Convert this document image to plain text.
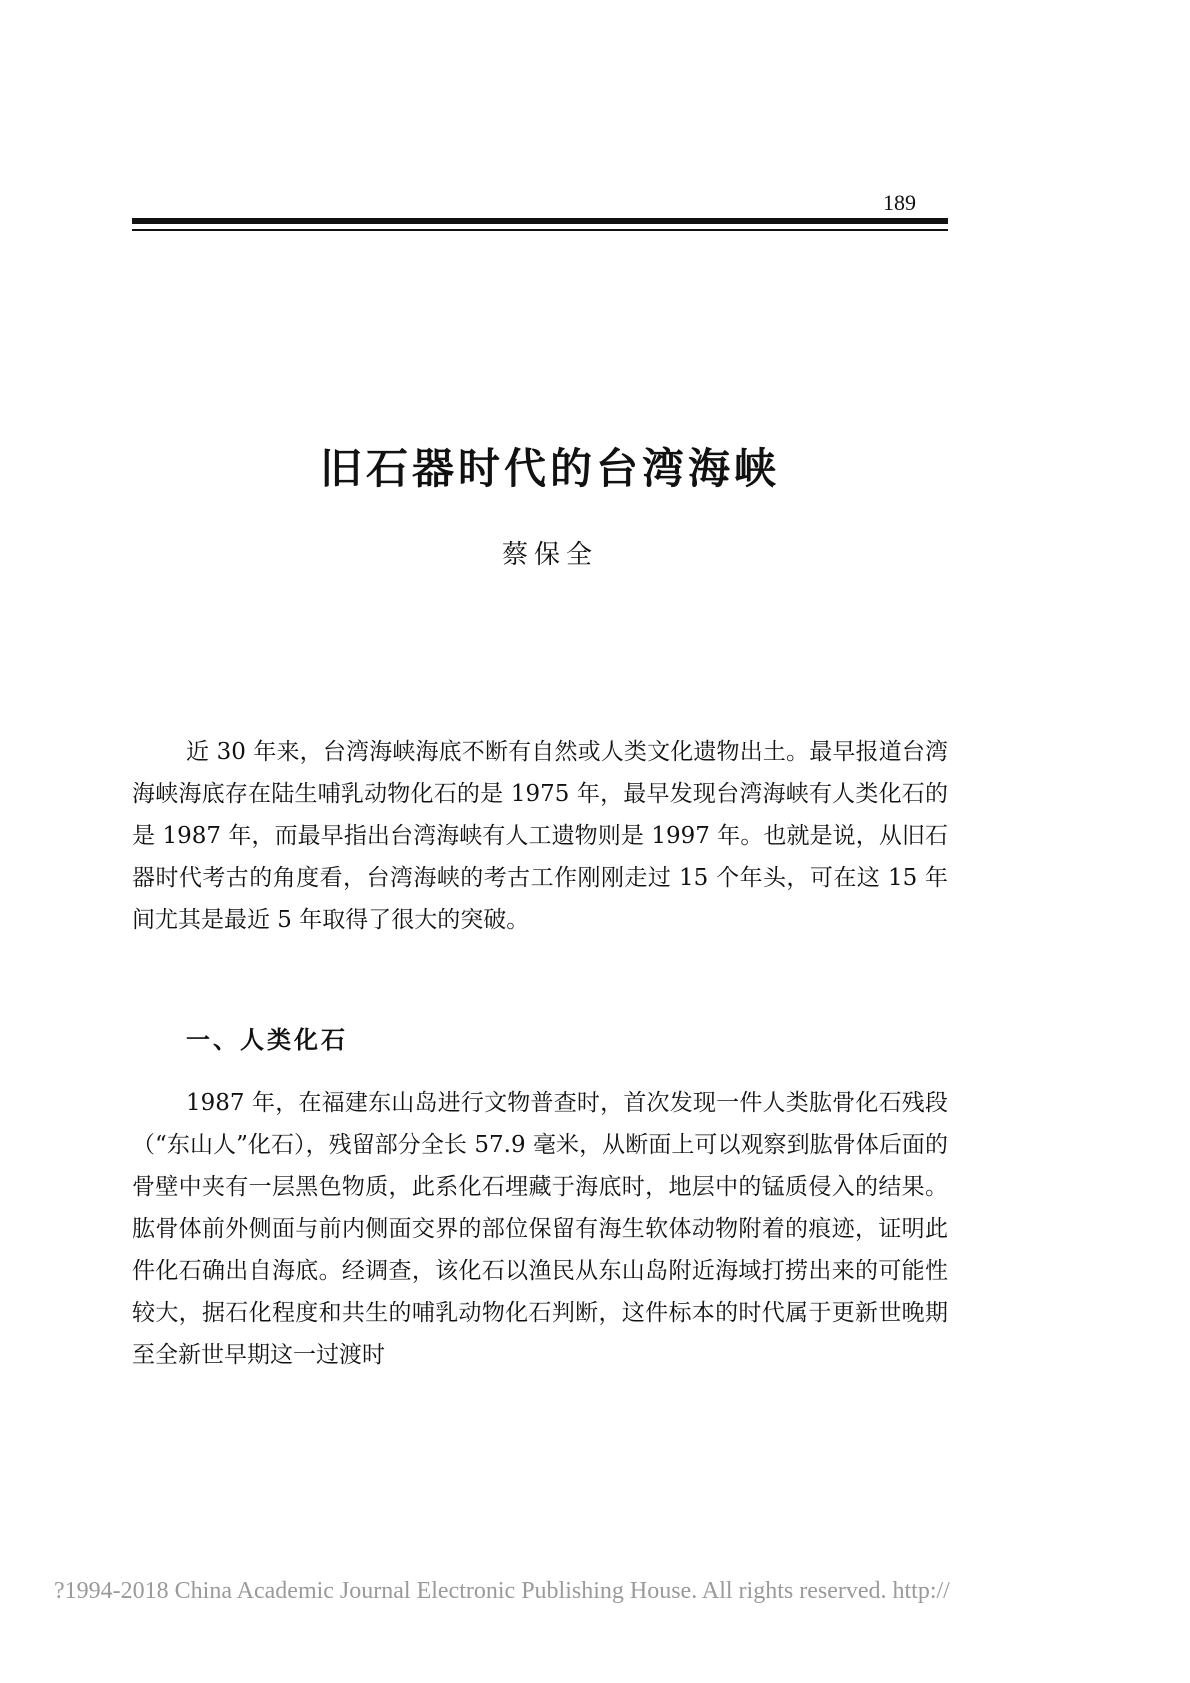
189
旧石器时代的台湾海峡
蔡保全

近 30 年来，台湾海峡海底不断有自然或人类文化遗物出土。最早报道台湾海峡海底存在陆生哺乳动物化石的是 1975 年，最早发现台湾海峡有人类化石的是 1987 年，而最早指出台湾海峡有人工遗物则是 1997 年。也就是说，从旧石器时代考古的角度看，台湾海峡的考古工作刚刚走过 15 个年头，可在这 15 年间尤其是最近 5 年取得了很大的突破。

一、人类化石

1987 年，在福建东山岛进行文物普查时，首次发现一件人类肱骨化石残段（“东山人”化石），残留部分全长 57.9 毫米，从断面上可以观察到肱骨体后面的骨壁中夹有一层黑色物质，此系化石埋藏于海底时，地层中的锰质侵入的结果。肱骨体前外侧面与前内侧面交界的部位保留有海生软体动物附着的痕迹，证明此件化石确出自海底。经调查，该化石以渔民从东山岛附近海域打捞出来的可能性较大，据石化程度和共生的哺乳动物化石判断，这件标本的时代属于更新世晚期至全新世早期这一过渡时

?1994-2018 China Academic Journal Electronic Publishing House. All rights reserved. http://
